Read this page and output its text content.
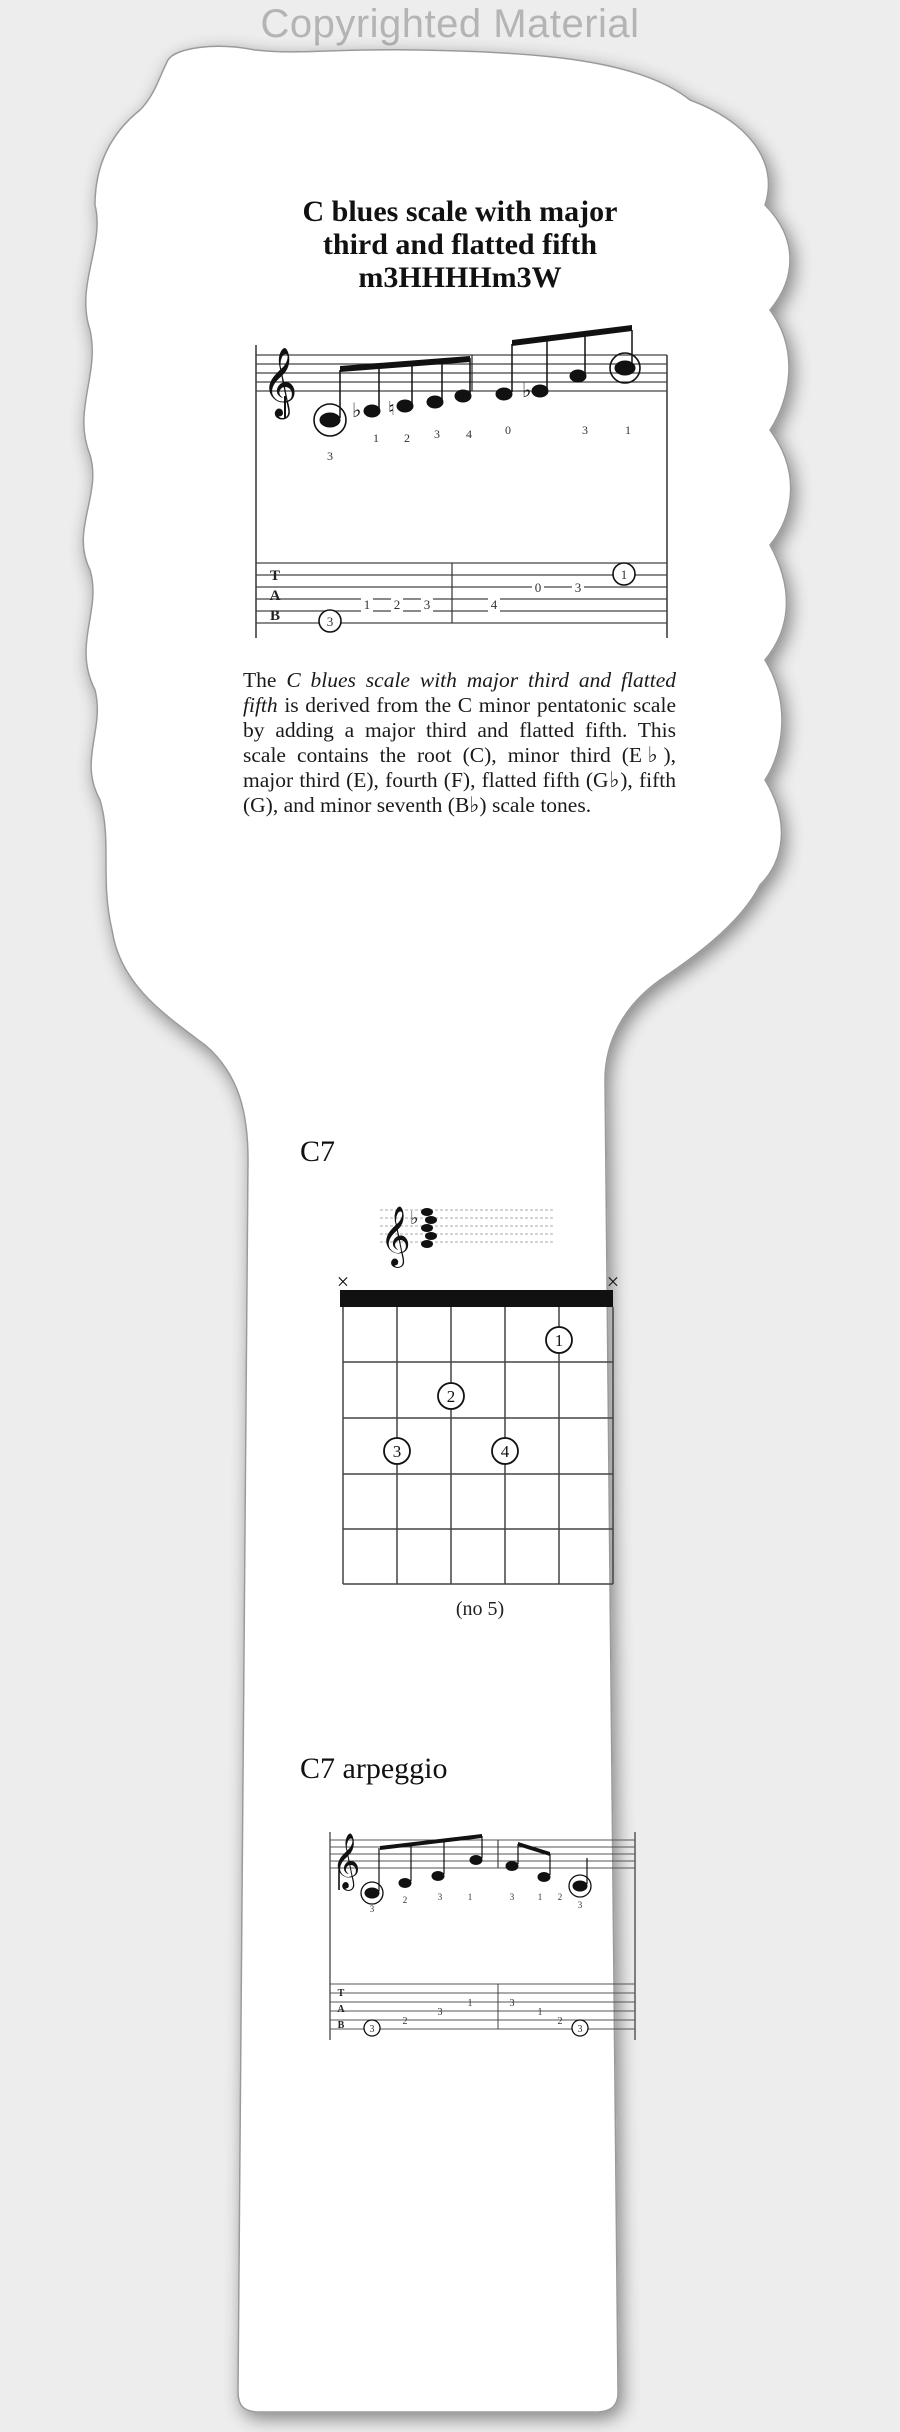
Copyrighted Material
𝄞	♭ ♮
♭
3
1 2 3 4	0	3	1
T
A
B	3
1 2 3	4
0	3
1
𝄞 ♭
×	×
1
2
3	4
𝄞
3
2	3	1	3	1 2
3
T
A
B	3
2
3
1	3
1
2
3
C blues scale with major
third and flatted fifth
m3HHHHm3W
The C blues scale with major third and flatted fifth is derived from the C minor pentatonic scale by adding a major third and flatted fifth. This scale contains the root (C), minor third (E♭), major third (E), fourth (F), flatted fifth (G♭), fifth (G), and minor seventh (B♭) scale tones.
C7
(no 5)
C7 arpeggio
